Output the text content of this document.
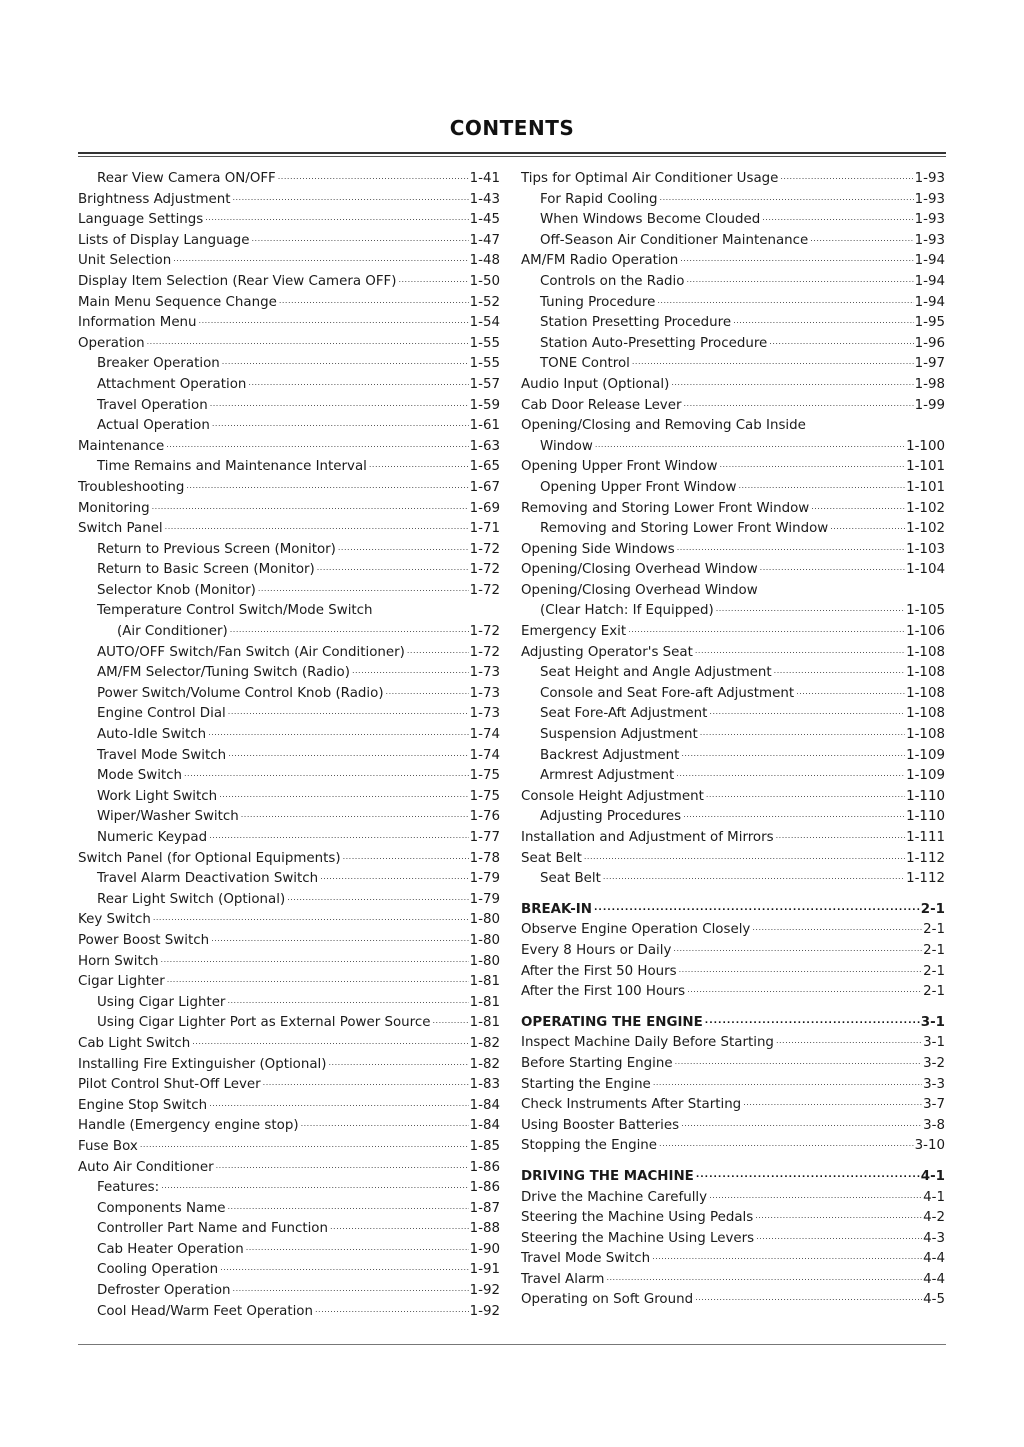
CONTENTS
Rear View Camera ON/OFF .....	1-41
Brightness Adjustment .....	1-43
Language Settings .....	1-45
Lists of Display Language .....	1-47
Unit Selection .....	1-48
Display Item Selection (Rear View Camera OFF) .....	1-50
Main Menu Sequence Change .....	1-52
Information Menu .....	1-54
Operation .....	1-55
Breaker Operation .....	1-55
Attachment Operation .....	1-57
Travel Operation .....	1-59
Actual Operation .....	1-61
Maintenance .....	1-63
Time Remains and Maintenance Interval .....	1-65
Troubleshooting .....	1-67
Monitoring .....	1-69
Switch Panel .....	1-71
Return to Previous Screen (Monitor) .....	1-72
Return to Basic Screen (Monitor) .....	1-72
Selector Knob (Monitor) .....	1-72
Temperature Control Switch/Mode Switch
(Air Conditioner) .....	1-72
AUTO/OFF Switch/Fan Switch (Air Conditioner) .....	1-72
AM/FM Selector/Tuning Switch (Radio) .....	1-73
Power Switch/Volume Control Knob (Radio) .....	1-73
Engine Control Dial .....	1-73
Auto-Idle Switch .....	1-74
Travel Mode Switch .....	1-74
Mode Switch .....	1-75
Work Light Switch .....	1-75
Wiper/Washer Switch .....	1-76
Numeric Keypad .....	1-77
Switch Panel (for Optional Equipments) .....	1-78
Travel Alarm Deactivation Switch .....	1-79
Rear Light Switch (Optional) .....	1-79
Key Switch .....	1-80
Power Boost Switch .....	1-80
Horn Switch .....	1-80
Cigar Lighter .....	1-81
Using Cigar Lighter .....	1-81
Using Cigar Lighter Port as External Power Source .....	1-81
Cab Light Switch .....	1-82
Installing Fire Extinguisher (Optional) .....	1-82
Pilot Control Shut-Off Lever .....	1-83
Engine Stop Switch .....	1-84
Handle (Emergency engine stop) .....	1-84
Fuse Box .....	1-85
Auto Air Conditioner .....	1-86
Features: .....	1-86
Components Name .....	1-87
Controller Part Name and Function .....	1-88
Cab Heater Operation .....	1-90
Cooling Operation .....	1-91
Defroster Operation .....	1-92
Cool Head/Warm Feet Operation .....	1-92
Tips for Optimal Air Conditioner Usage .....	1-93
For Rapid Cooling .....	1-93
When Windows Become Clouded .....	1-93
Off-Season Air Conditioner Maintenance .....	1-93
AM/FM Radio Operation .....	1-94
Controls on the Radio .....	1-94
Tuning Procedure .....	1-94
Station Presetting Procedure .....	1-95
Station Auto-Presetting Procedure .....	1-96
TONE Control .....	1-97
Audio Input (Optional) .....	1-98
Cab Door Release Lever .....	1-99
Opening/Closing and Removing Cab Inside
Window .....	1-100
Opening Upper Front Window .....	1-101
Opening Upper Front Window .....	1-101
Removing and Storing Lower Front Window .....	1-102
Removing and Storing Lower Front Window .....	1-102
Opening Side Windows .....	1-103
Opening/Closing Overhead Window .....	1-104
Opening/Closing Overhead Window
(Clear Hatch: If Equipped) .....	1-105
Emergency Exit .....	1-106
Adjusting Operator's Seat .....	1-108
Seat Height and Angle Adjustment .....	1-108
Console and Seat Fore-aft Adjustment .....	1-108
Seat Fore-Aft Adjustment .....	1-108
Suspension Adjustment .....	1-108
Backrest Adjustment .....	1-109
Armrest Adjustment .....	1-109
Console Height Adjustment .....	1-110
Adjusting Procedures .....	1-110
Installation and Adjustment of Mirrors .....	1-111
Seat Belt .....	1-112
Seat Belt .....	1-112
BREAK-IN .....	2-1
Observe Engine Operation Closely .....	2-1
Every 8 Hours or Daily .....	2-1
After the First 50 Hours .....	2-1
After the First 100 Hours .....	2-1
OPERATING THE ENGINE .....	3-1
Inspect Machine Daily Before Starting .....	3-1
Before Starting Engine .....	3-2
Starting the Engine .....	3-3
Check Instruments After Starting .....	3-7
Using Booster Batteries .....	3-8
Stopping the Engine .....	3-10
DRIVING THE MACHINE .....	4-1
Drive the Machine Carefully .....	4-1
Steering the Machine Using Pedals .....	4-2
Steering the Machine Using Levers .....	4-3
Travel Mode Switch .....	4-4
Travel Alarm .....	4-4
Operating on Soft Ground .....	4-5
